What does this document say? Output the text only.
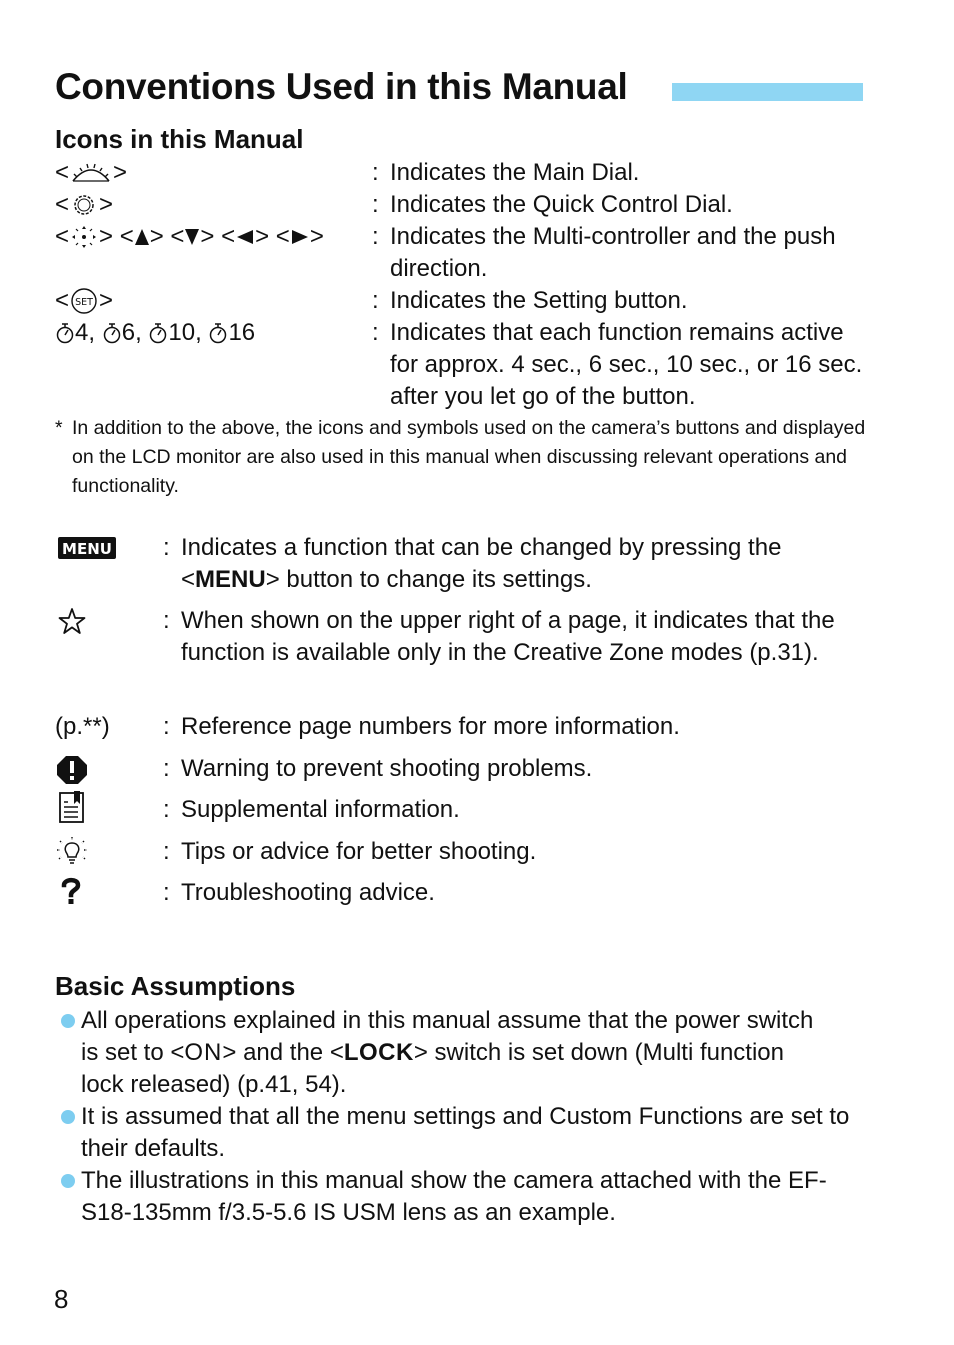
Conventions Used in this Manual
Icons in this Manual
< >	: Indicates the Main Dial.
< >	: Indicates the Quick Control Dial.
< > < > < > < > < > : Indicates the Multi-controller and the push direction.
< SET >	: Indicates the Setting button.
4 , 6 , 10 , 16	: Indicates that each function remains active for approx. 4 sec., 6 sec., 10 sec., or 16 sec. after you let go of the button.
* In addition to the above, the icons and symbols used on the camera’s buttons and displayed on the LCD monitor are also used in this manual when discussing relevant operations and functionality.
MENU : Indicates a function that can be changed by pressing the
<MENU> button to change its settings.
: When shown on the upper right of a page, it indicates that the function is available only in the Creative Zone modes (p.31).
(p.**) : Reference page numbers for more information.
: Warning to prevent shooting problems.
: Supplemental information.
: Tips or advice for better shooting.
: Troubleshooting advice.
Basic Assumptions
All operations explained in this manual assume that the power switch
is set to <ON> and the <LOCK> switch is set down (Multi function
lock released) (p.41, 54).
It is assumed that all the menu settings and Custom Functions are set to their defaults.
The illustrations in this manual show the camera attached with the EF-S18-135mm f/3.5-5.6 IS USM lens as an example.
8
